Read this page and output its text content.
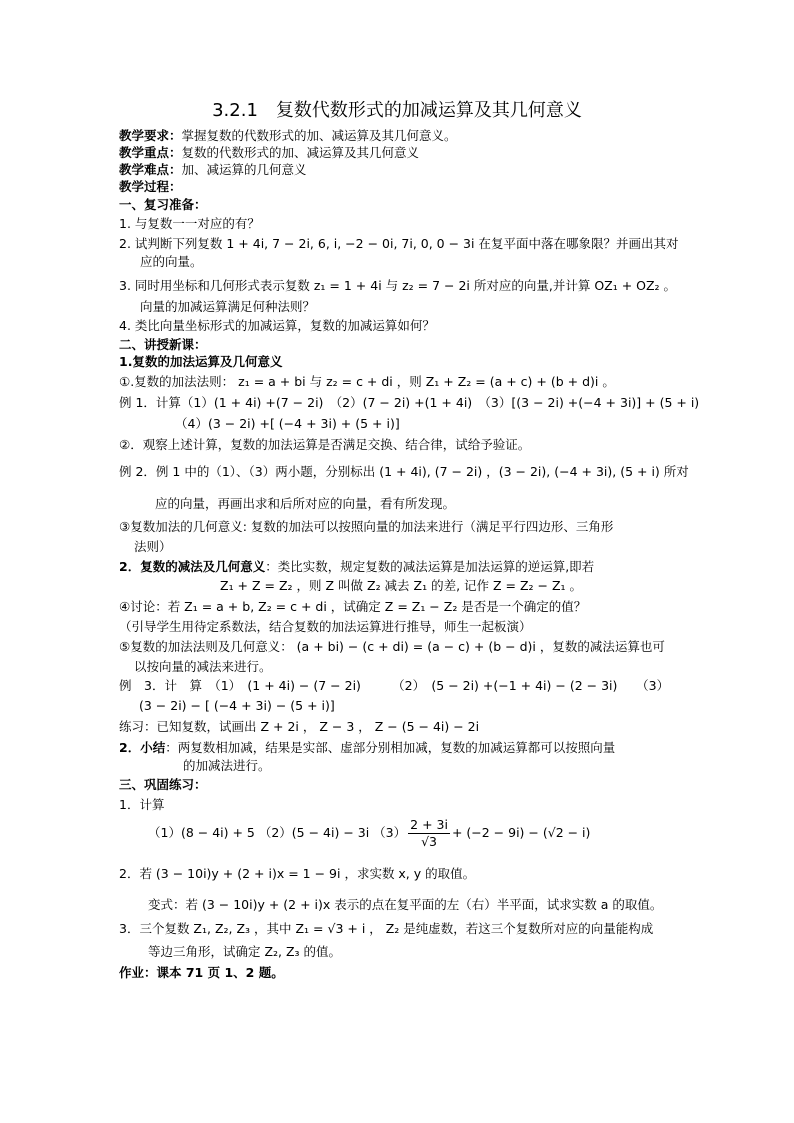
3.2.1　复数代数形式的加减运算及其几何意义
教学要求：掌握复数的代数形式的加、减运算及其几何意义。
教学重点：复数的代数形式的加、减运算及其几何意义
教学难点：加、减运算的几何意义
教学过程：
一、复习准备：
1. 与复数一一对应的有？
2. 试判断下列复数 1 + 4i, 7 − 2i, 6, i, −2 − 0i, 7i, 0, 0 − 3i 在复平面中落在哪象限？并画出其对
应的向量。
3. 同时用坐标和几何形式表示复数 z₁ = 1 + 4i 与 z₂ = 7 − 2i 所对应的向量,并计算 OZ₁ + OZ₂ 。
向量的加减运算满足何种法则？
4. 类比向量坐标形式的加减运算，复数的加减运算如何？
二、讲授新课：
1.复数的加法运算及几何意义
①.复数的加法法则： z₁ = a + bi 与 z₂ = c + di ，则 Z₁ + Z₂ = (a + c) + (b + d)i 。
例 1．计算（1）(1 + 4i) +(7 − 2i)　（2）(7 − 2i) +(1 + 4i)　（3）[(3 − 2i) +(−4 + 3i)] + (5 + i)
（4）(3 − 2i) +[ (−4 + 3i) + (5 + i)]
②．观察上述计算，复数的加法运算是否满足交换、结合律，试给予验证。
例 2．例 1 中的（1）、（3）两小题，分别标出 (1 + 4i), (7 − 2i) ，(3 − 2i), (−4 + 3i), (5 + i) 所对
应的向量，再画出求和后所对应的向量，看有所发现。
③复数加法的几何意义: 复数的加法可以按照向量的加法来进行（满足平行四边形、三角形
法则）
2．复数的减法及几何意义：类比实数，规定复数的减法运算是加法运算的逆运算,即若
Z₁ + Z = Z₂ ，则 Z 叫做 Z₂ 减去 Z₁ 的差, 记作 Z = Z₂ − Z₁ 。
④讨论：若 Z₁ = a + b, Z₂ = c + di ，试确定 Z = Z₁ − Z₂ 是否是一个确定的值？
（引导学生用待定系数法，结合复数的加法运算进行推导，师生一起板演）
⑤复数的加法法则及几何意义： (a + bi) − (c + di) = (a − c) + (b − d)i ，复数的减法运算也可
以按向量的减法来进行。
例　3．计　算　（1）　(1 + 4i) − (7 − 2i)　　　（2）　(5 − 2i) +(−1 + 4i) − (2 − 3i)　　（3）
(3 − 2i) − [ (−4 + 3i) − (5 + i)]
练习：已知复数，试画出 Z + 2i ， Z − 3 ， Z − (5 − 4i) − 2i
2．小结：两复数相加减，结果是实部、虚部分别相加减，复数的加减运算都可以按照向量
的加减法进行。
三、巩固练习：
1．计算
（1）(8 − 4i) + 5 （2）(5 − 4i) − 3i $(3) \frac{2 + 3i}{√3} + (-2 - 9i) - (√2 - i)$
2．若 (3 − 10i)y + (2 + i)x = 1 − 9i ，求实数 x, y 的取值。
变式：若 (3 − 10i)y + (2 + i)x 表示的点在复平面的左（右）半平面，试求实数 a 的取值。
3．三个复数 Z₁, Z₂, Z₃ ，其中 Z₁ = √3 + i ， Z₂ 是纯虚数，若这三个复数所对应的向量能构成
等边三角形，试确定 Z₂, Z₃ 的值。
作业：课本 71 页 1、2 题。
